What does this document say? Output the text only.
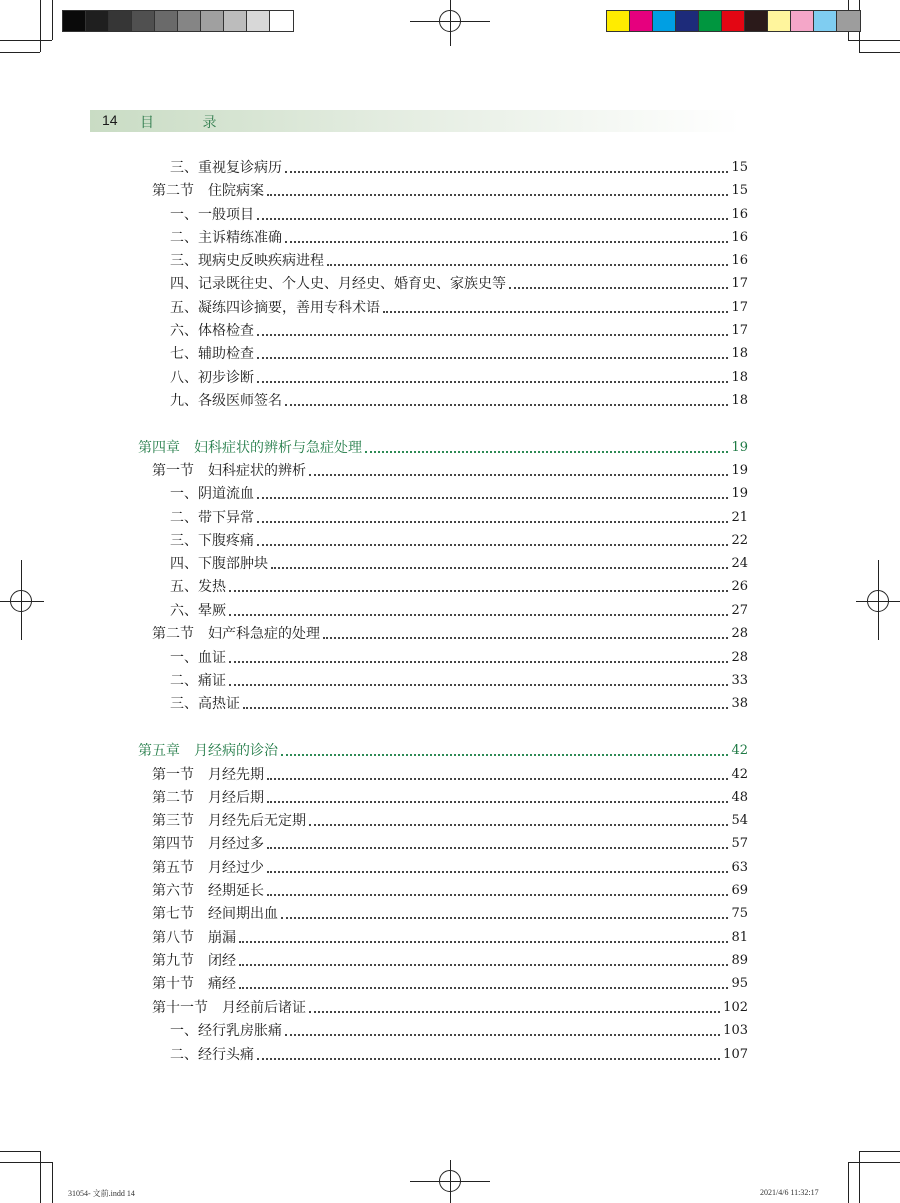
14 目 录
三、重视复诊病历	15
第二节　住院病案	15
一、一般项目	16
二、主诉精练准确	16
三、现病史反映疾病进程	16
四、记录既往史、个人史、月经史、婚育史、家族史等	17
五、凝练四诊摘要，善用专科术语	17
六、体格检查	17
七、辅助检查	18
八、初步诊断	18
九、各级医师签名	18
第四章　妇科症状的辨析与急症处理	19
第一节　妇科症状的辨析	19
一、阴道流血	19
二、带下异常	21
三、下腹疼痛	22
四、下腹部肿块	24
五、发热	26
六、晕厥	27
第二节　妇产科急症的处理	28
一、血证	28
二、痛证	33
三、高热证	38
第五章　月经病的诊治	42
第一节　月经先期	42
第二节　月经后期	48
第三节　月经先后无定期	54
第四节　月经过多	57
第五节　月经过少	63
第六节　经期延长	69
第七节　经间期出血	75
第八节　崩漏	81
第九节　闭经	89
第十节　痛经	95
第十一节　月经前后诸证	102
一、经行乳房胀痛	103
二、经行头痛	107
31054- 文前.indd 14	2021/4/6 11:32:17
